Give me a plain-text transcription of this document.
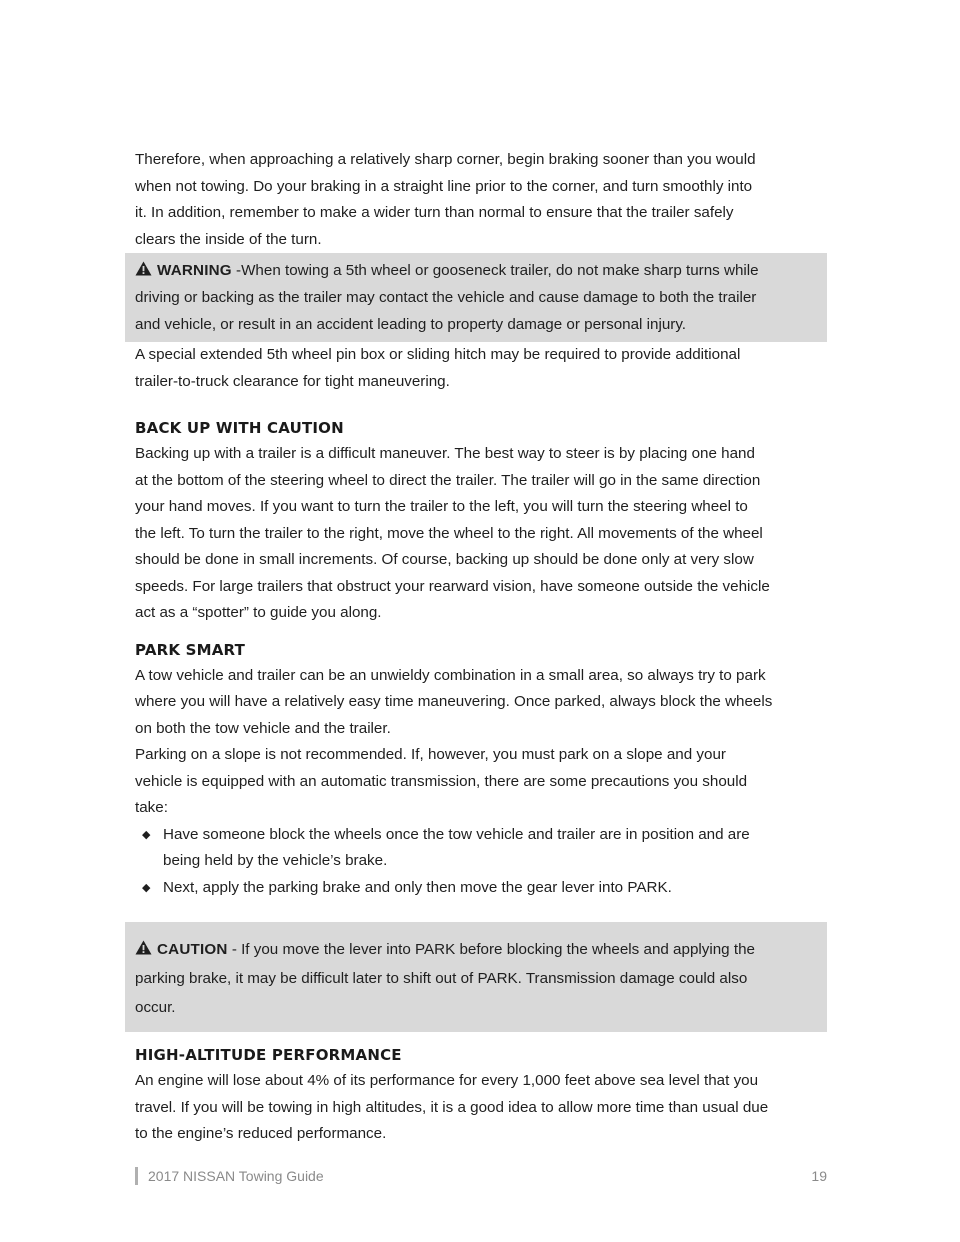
Therefore, when approaching a relatively sharp corner, begin braking sooner than you would

when not towing. Do your braking in a straight line prior to the corner, and turn smoothly into

it. In addition, remember to make a wider turn than normal to ensure that the trailer safely

clears the inside of the turn.

WARNING -When towing a 5th wheel or gooseneck trailer, do not make sharp turns while

driving or backing as the trailer may contact the vehicle and cause damage to both the trailer

and vehicle, or result in an accident leading to property damage or personal injury.

A special extended 5th wheel pin box or sliding hitch may be required to provide additional

trailer-to-truck clearance for tight maneuvering.

BACK UP WITH CAUTION

Backing up with a trailer is a difficult maneuver. The best way to steer is by placing one hand

at the bottom of the steering wheel to direct the trailer. The trailer will go in the same direction

your hand moves. If you want to turn the trailer to the left, you will turn the steering wheel to

the left. To turn the trailer to the right, move the wheel to the right. All movements of the wheel

should be done in small increments. Of course, backing up should be done only at very slow

speeds. For large trailers that obstruct your rearward vision, have someone outside the vehicle

act as a “spotter” to guide you along.

PARK SMART

A tow vehicle and trailer can be an unwieldy combination in a small area, so always try to park

where you will have a relatively easy time maneuvering. Once parked, always block the wheels

on both the tow vehicle and the trailer.

Parking on a slope is not recommended. If, however, you must park on a slope and your

vehicle is equipped with an automatic transmission, there are some precautions you should

take:

◆ Have someone block the wheels once the tow vehicle and trailer are in position and are
being held by the vehicle’s brake.
◆ Next, apply the parking brake and only then move the gear lever into PARK.

CAUTION - If you move the lever into PARK before blocking the wheels and applying the

parking brake, it may be difficult later to shift out of PARK. Transmission damage could also

occur.

HIGH-ALTITUDE PERFORMANCE

An engine will lose about 4% of its performance for every 1,000 feet above sea level that you

travel. If you will be towing in high altitudes, it is a good idea to allow more time than usual due

to the engine’s reduced performance.

2017 NISSAN Towing Guide	19
